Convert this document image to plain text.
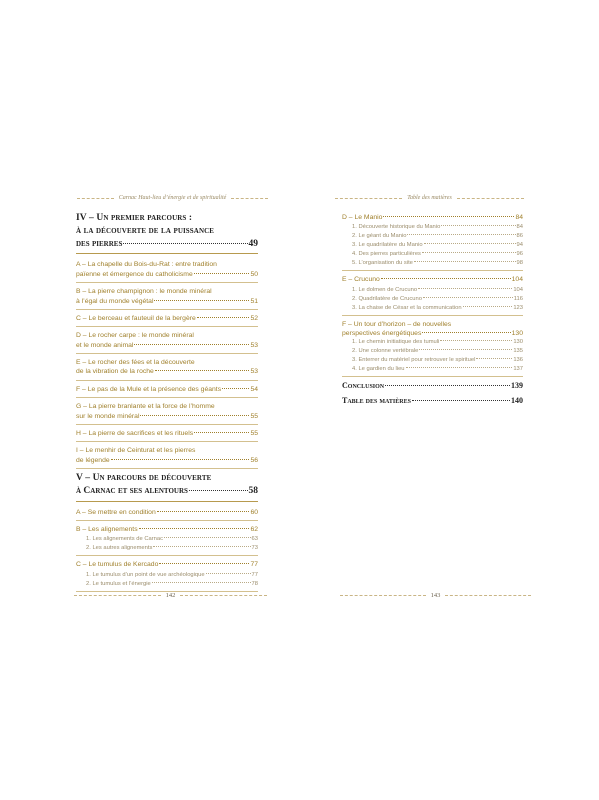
Carnac Haut-lieu d’énergie et de spiritualité
IV – Un premier parcours :
à la découverte de la puissance
des pierres	49
A – La chapelle du Bois-du-Rat : entre tradition
païenne et émergence du catholicisme	50
B – La pierre champignon : le monde minéral
à l’égal du monde végétal	51
C – Le berceau et fauteuil de la bergère	52
D – Le rocher carpe : le monde minéral
et le monde animal	53
E – Le rocher des fées et la découverte
de la vibration de la roche	53
F – Le pas de la Mule et la présence des géants	54
G – La pierre branlante et la force de l’homme
sur le monde minéral	55
H – La pierre de sacrifices et les rituels	55
I – Le menhir de Ceinturat et les pierres
de légende	56
V – Un parcours de découverte
à Carnac et ses alentours	58
A – Se mettre en condition	60
B – Les alignements	62
1. Les alignements de Carnac	63
2. Les autres alignements	73
C – Le tumulus de Kercado	77
1. Le tumulus d’un point de vue archéologique	77
2. Le tumulus et l’énergie	78
142
Table des matières
D – Le Manio	84
1. Découverte historique du Manio	84
2. Le géant du Manio	86
3. Le quadrilatère du Manio	94
4. Des pierres particulières	96
5. L’organisation du site	98
E – Crucuno	104
1. Le dolmen de Crucuno	104
2. Quadrilatère de Crucuno	116
3. La chaise de César et la communication	123
F – Un tour d’horizon – de nouvelles
perspectives énergétiques	130
1. Le chemin initiatique des tumuli	130
2. Une colonne vertébrale	135
3. Enterrer du matériel pour retrouver le spirituel	136
4. Le gardien du lieu	137
Conclusion	139
Table des matières	140
143
